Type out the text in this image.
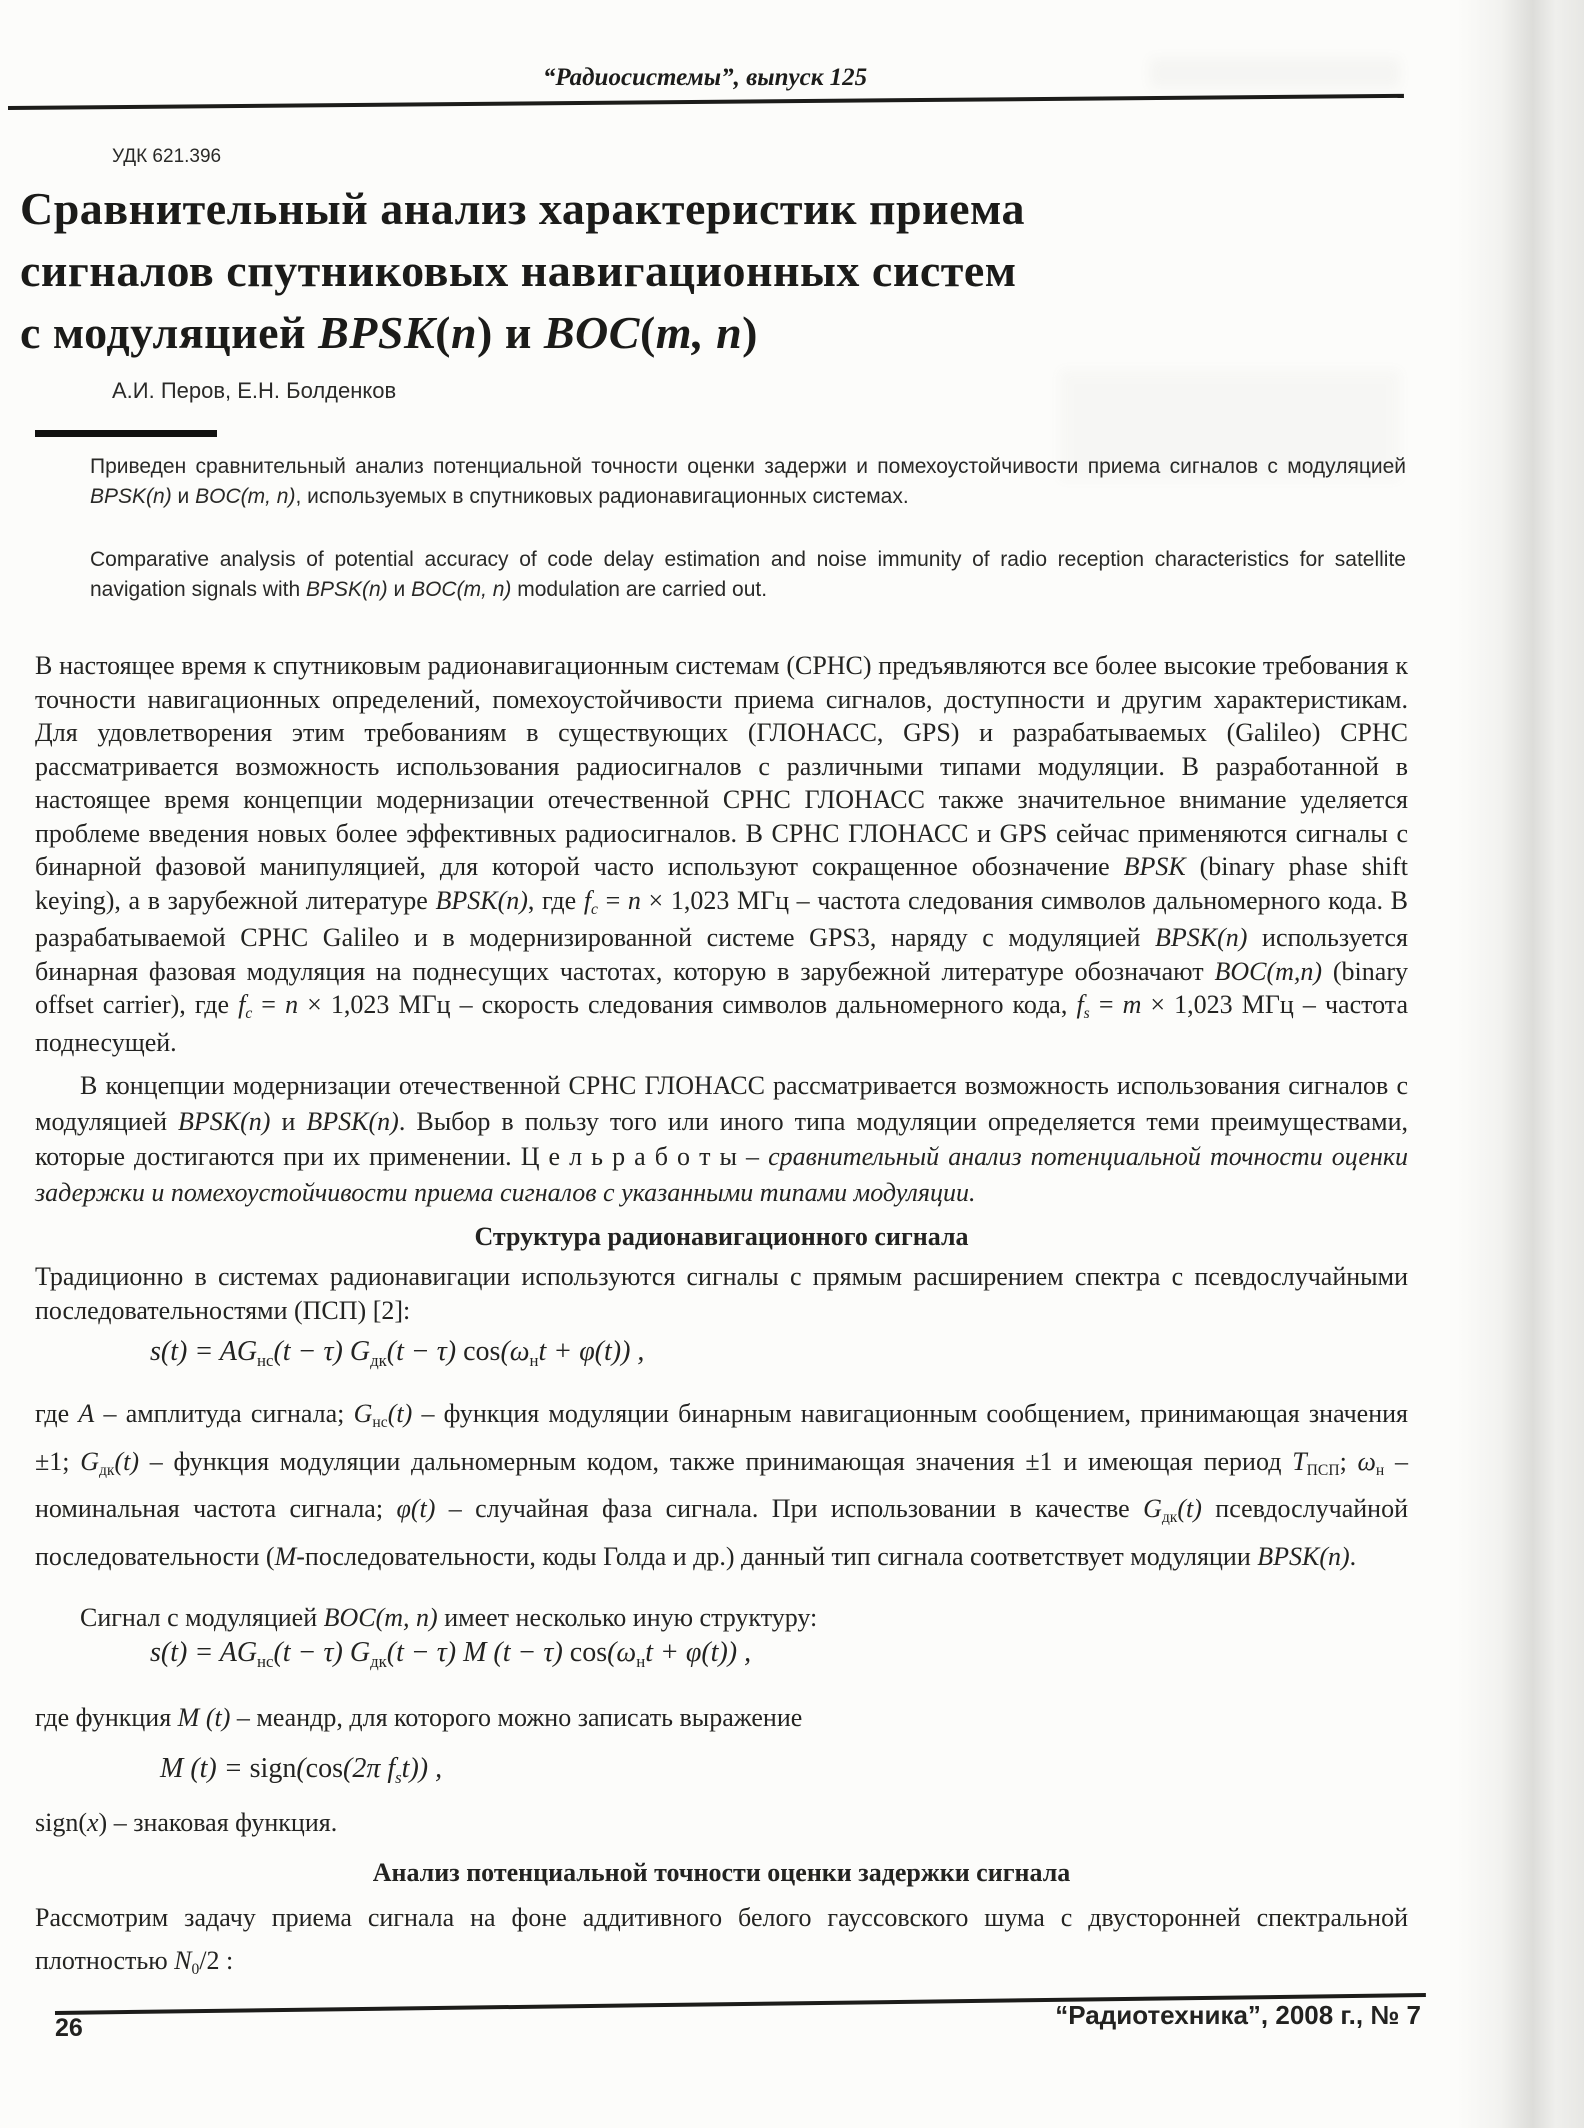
“Радиосистемы”, выпуск 125
УДК 621.396
Сравнительный анализ характеристик приема
сигналов спутниковых навигационных систем
с модуляцией BPSK(n) и BOC(m, n)
А.И. Перов, Е.Н. Болденков
Приведен сравнительный анализ потенциальной точности оценки задержи и помехоустойчивости приема сигналов с модуляцией BPSK(n) и BOC(m, n), используемых в спутниковых радионавигационных системах.
Comparative analysis of potential accuracy of code delay estimation and noise immunity of radio reception characteristics for satellite navigation signals with BPSK(n) и BOC(m, n) modulation are carried out.
В настоящее время к спутниковым радионавигационным системам (СРНС) предъявляются все более высокие требования к точности навигационных определений, помехоустойчивости приема сигналов, доступности и другим характеристикам. Для удовлетворения этим требованиям в существующих (ГЛОНАСС, GPS) и разрабатываемых (Galileo) СРНС рассматривается возможность использования радиосигналов с различными типами модуляции. В разработанной в настоящее время концепции модернизации отечественной СРНС ГЛОНАСС также значительное внимание уделяется проблеме введения новых более эффективных радиосигналов. В СРНС ГЛОНАСС и GPS сейчас применяются сигналы с бинарной фазовой манипуляцией, для которой часто используют сокращенное обозначение BPSK (binary phase shift keying), а в зарубежной литературе BPSK(n), где fc = n × 1,023 МГц – частота следования символов дальномерного кода. В разрабатываемой СРНС Galileo и в модернизированной системе GPS3, наряду с модуляцией BPSK(n) используется бинарная фазовая модуляция на поднесущих частотах, которую в зарубежной литературе обозначают BOC(m,n) (binary offset carrier), где fc = n × 1,023 МГц – скорость следования символов дальномерного кода, fs = m × 1,023 МГц – частота поднесущей.
В концепции модернизации отечественной СРНС ГЛОНАСС рассматривается возможность использования сигналов с модуляцией BPSK(n) и BPSK(n). Выбор в пользу того или иного типа модуляции определяется теми преимуществами, которые достигаются при их применении. Ц е л ь р а б о т ы – сравнительный анализ потенциальной точности оценки задержки и помехоустойчивости приема сигналов с указанными типами модуляции.
Структура радионавигационного сигнала
Традиционно в системах радионавигации используются сигналы с прямым расширением спектра с псевдослучайными последовательностями (ПСП) [2]:
s(t) = AGнс(t − τ) Gдк(t − τ) cos(ωнt + φ(t)) ,
где A – амплитуда сигнала; Gнс(t) – функция модуляции бинарным навигационным сообщением, принимающая значения ±1; Gдк(t) – функция модуляции дальномерным кодом, также принимающая значения ±1 и имеющая период TПСП; ωн – номинальная частота сигнала; φ(t) – случайная фаза сигнала. При использовании в качестве Gдк(t) псевдослучайной последовательности (M-последовательности, коды Голда и др.) данный тип сигнала соответствует модуляции BPSK(n).
Сигнал с модуляцией BOC(m, n) имеет несколько иную структуру:
s(t) = AGнс(t − τ) Gдк(t − τ) M (t − τ) cos(ωнt + φ(t)) ,
где функция M (t) – меандр, для которого можно записать выражение
M (t) = sign(cos(2π fst)) ,
sign(x) – знаковая функция.
Анализ потенциальной точности оценки задержки сигнала
Рассмотрим задачу приема сигнала на фоне аддитивного белого гауссовского шума с двусторонней спектральной плотностью N0/2 :
26	“Радиотехника”, 2008 г., № 7
